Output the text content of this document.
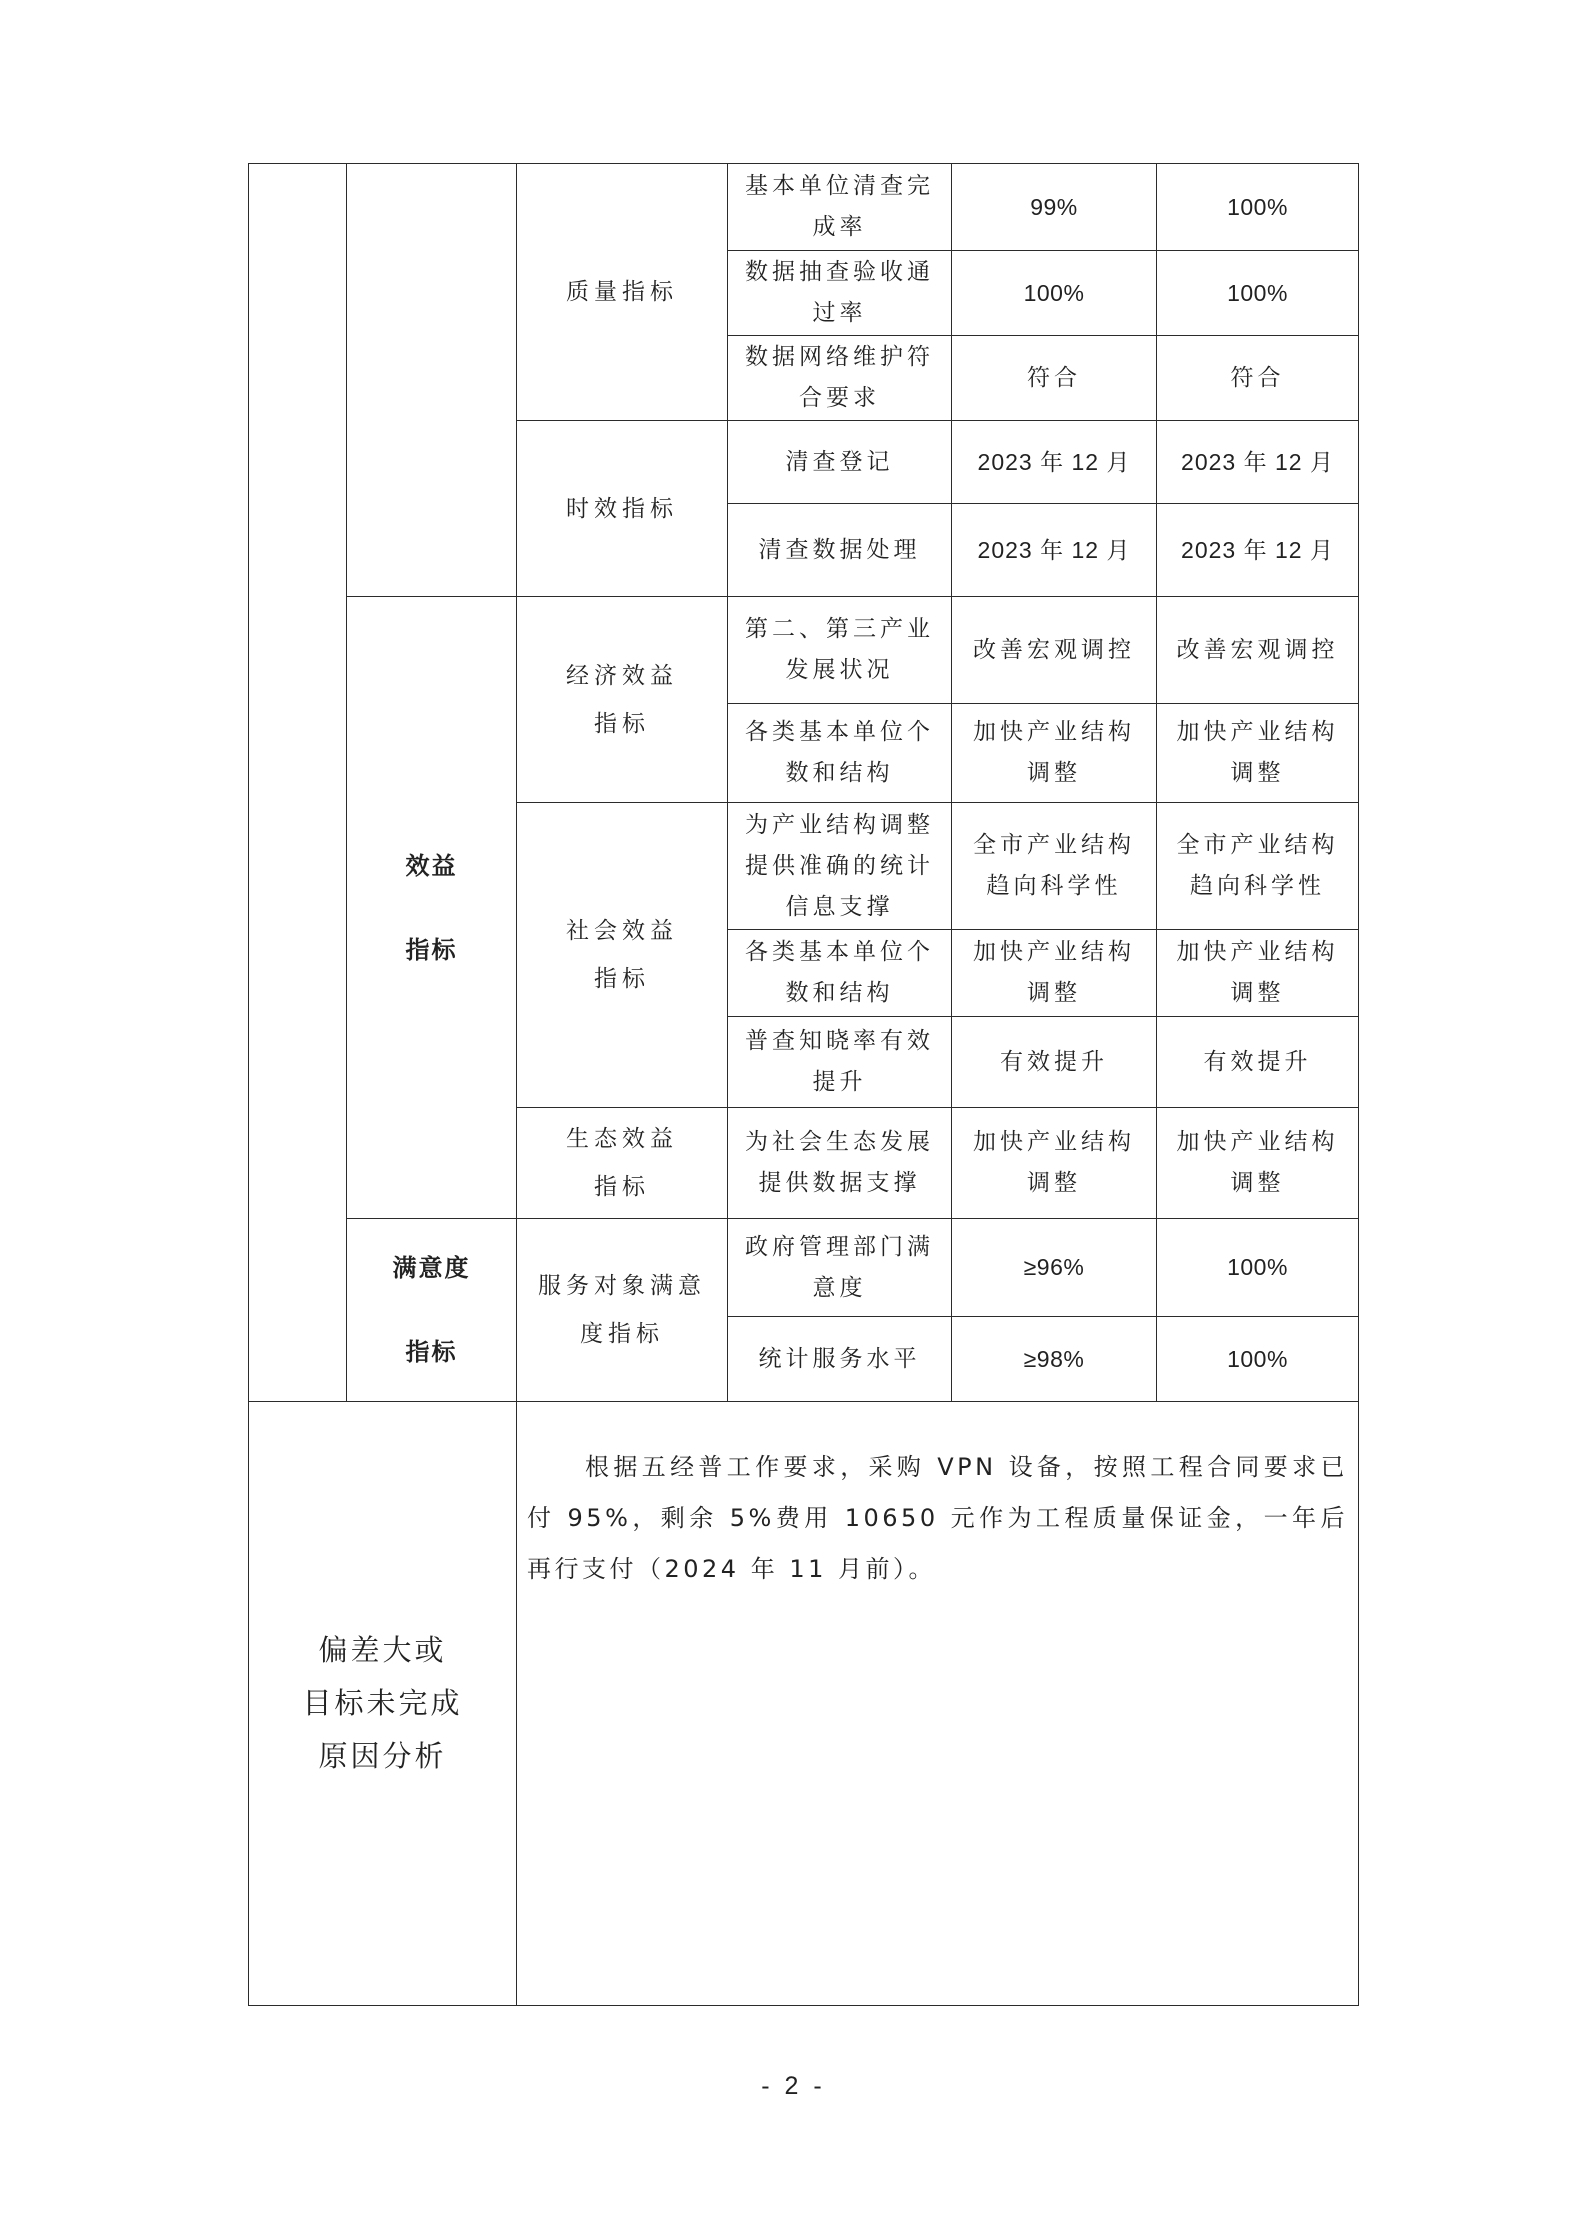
		质量指标	基本单位清查完成率	99%	100%
			数据抽查验收通过率	100%	100%
			数据网络维护符合要求	符合	符合
		时效指标	清查登记	2023 年 12 月	2023 年 12 月
			清查数据处理	2023 年 12 月	2023 年 12 月
	效益指标	经济效益指标	第二、第三产业发展状况	改善宏观调控	改善宏观调控
			各类基本单位个数和结构	加快产业结构调整	加快产业结构调整
		社会效益指标	为产业结构调整提供准确的统计信息支撑	全市产业结构趋向科学性	全市产业结构趋向科学性
			各类基本单位个数和结构	加快产业结构调整	加快产业结构调整
			普查知晓率有效提升	有效提升	有效提升
		生态效益指标	为社会生态发展提供数据支撑	加快产业结构调整	加快产业结构调整
	满意度指标	服务对象满意度指标	政府管理部门满意度	≥96%	100%
			统计服务水平	≥98%	100%

偏差大或
目标未完成
原因分析		根据五经普工作要求，采购 VPN 设备，按照工程合同要求已付 95%，剩余 5%费用 10650 元作为工程质量保证金，一年后再行支付（2024 年 11 月前）。			

- 2 -
